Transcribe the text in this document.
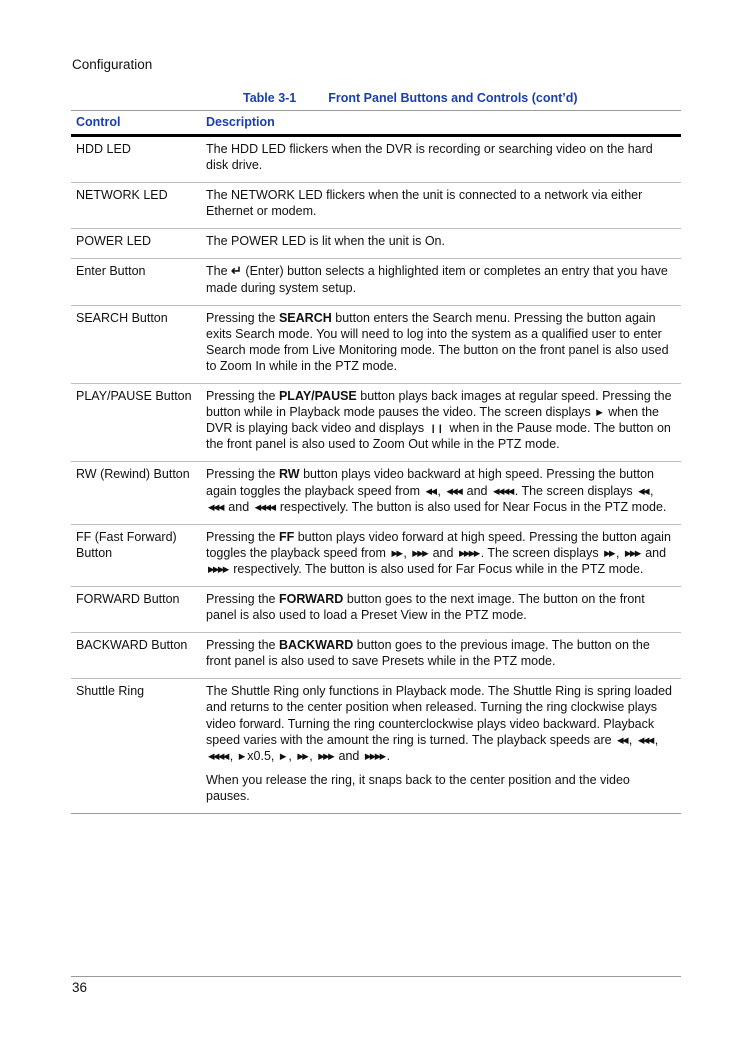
Configuration
Table 3-1	Front Panel Buttons and Controls (cont’d)
Control	Description
HDD LED	The HDD LED flickers when the DVR is recording or searching video on the hard disk drive.
NETWORK LED	The NETWORK LED flickers when the unit is connected to a network via either Ethernet or modem.
POWER LED	The POWER LED is lit when the unit is On.
Enter Button	The ↵ (Enter) button selects a highlighted item or completes an entry that you have made during system setup.
SEARCH Button	Pressing the SEARCH button enters the Search menu. Pressing the button again exits Search mode. You will need to log into the system as a qualified user to enter Search mode from Live Monitoring mode. The button on the front panel is also used to Zoom In while in the PTZ mode.
PLAY/PAUSE Button	Pressing the PLAY/PAUSE button plays back images at regular speed. Pressing the button while in Playback mode pauses the video. The screen displays ▶ when the DVR is playing back video and displays ❙❙ when in the Pause mode. The button on the front panel is also used to Zoom Out while in the PTZ mode.
RW (Rewind) Button	Pressing the RW button plays video backward at high speed. Pressing the button again toggles the playback speed from ◀◀ , ◀◀◀ and ◀◀◀◀ . The screen displays ◀◀ , ◀◀◀ and ◀◀◀◀ respectively. The button is also used for Near Focus in the PTZ mode.
FF (Fast Forward) Button	Pressing the FF button plays video forward at high speed. Pressing the button again toggles the playback speed from ▶▶ , ▶▶▶ and ▶▶▶▶ . The screen displays ▶▶ , ▶▶▶ and ▶▶▶▶ respectively. The button is also used for Far Focus while in the PTZ mode.
FORWARD Button	Pressing the FORWARD button goes to the next image. The button on the front panel is also used to load a Preset View in the PTZ mode.
BACKWARD Button	Pressing the BACKWARD button goes to the previous image. The button on the front panel is also used to save Presets while in the PTZ mode.
Shuttle Ring	The Shuttle Ring only functions in Playback mode. The Shuttle Ring is spring loaded and returns to the center position when released. Turning the ring clockwise plays video forward. Turning the ring counterclockwise plays video backward. Playback speed varies with the amount the ring is turned. The playback speeds are ◀◀ , ◀◀◀ , ◀◀◀◀ , ▶ x0.5, ▶ , ▶▶ , ▶▶▶ and ▶▶▶▶ .
When you release the ring, it snaps back to the center position and the video pauses.
36
